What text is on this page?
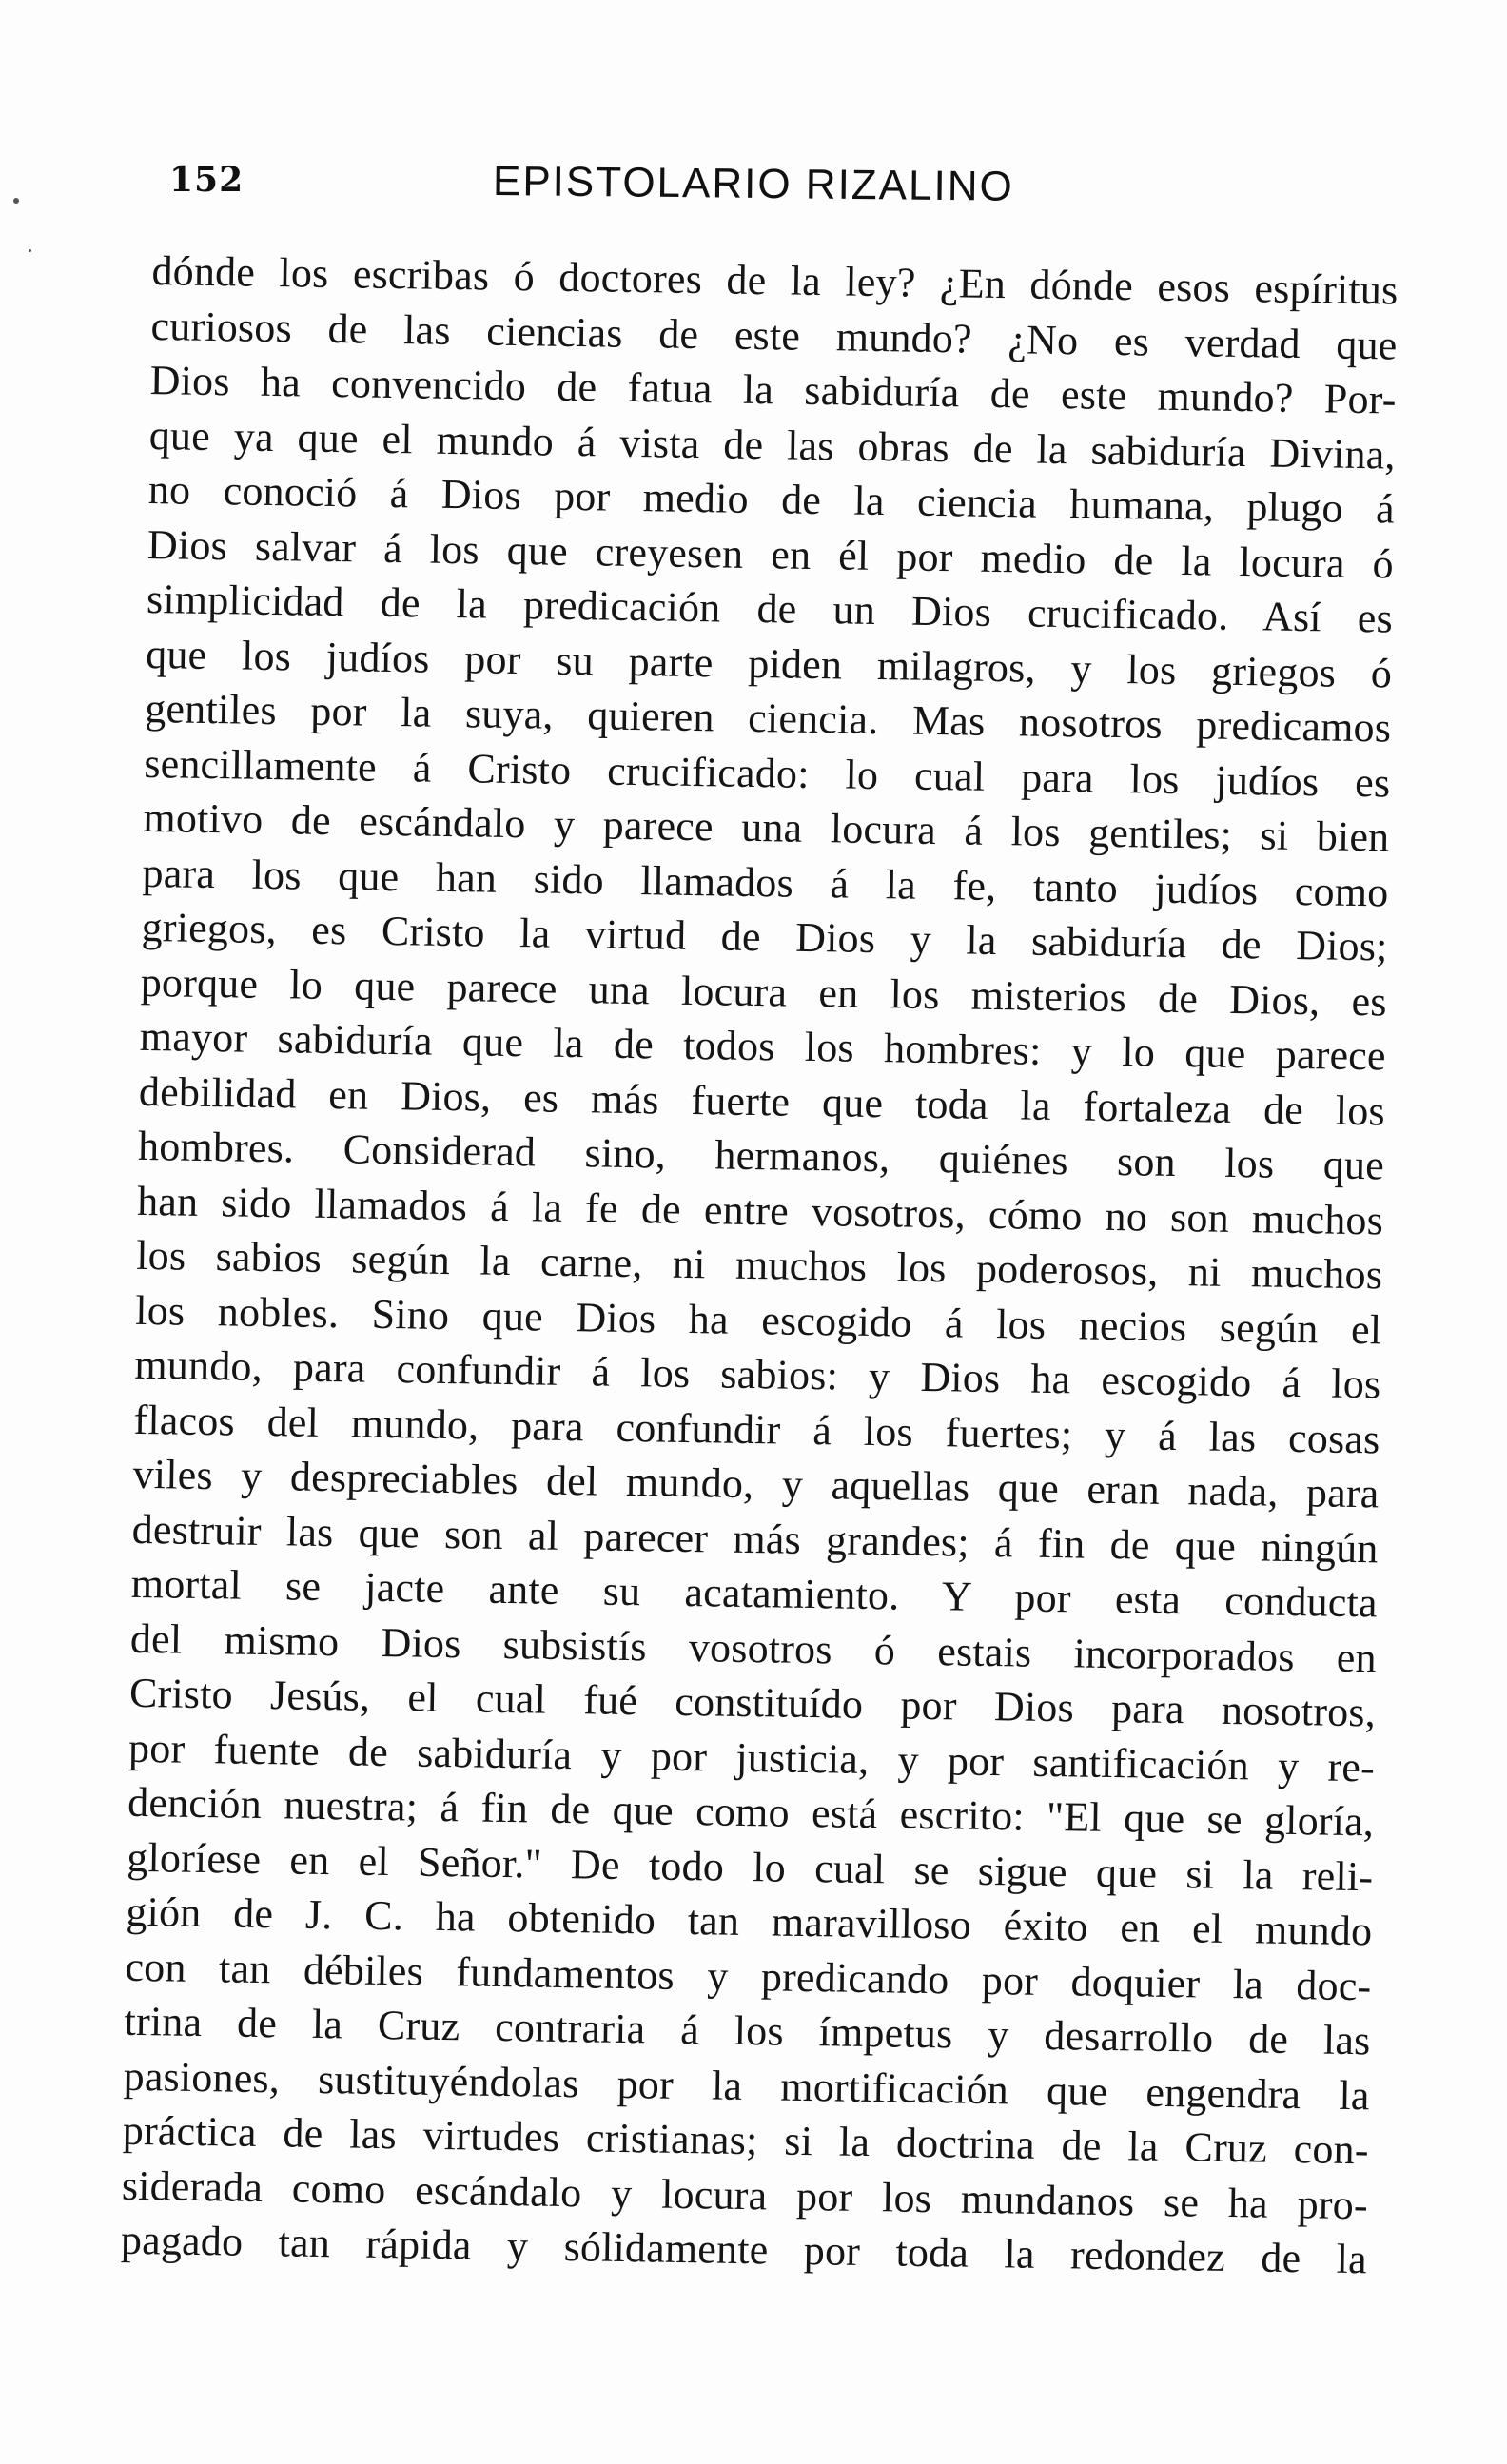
152	EPISTOLARIO RIZALINO
dónde los escribas ó doctores de la ley? ¿En dónde esos espíritus
curiosos de las ciencias de este mundo? ¿No es verdad que
Dios ha convencido de fatua la sabiduría de este mundo? Por-
que ya que el mundo á vista de las obras de la sabiduría Divina,
no conoció á Dios por medio de la ciencia humana, plugo á
Dios salvar á los que creyesen en él por medio de la locura ó
simplicidad de la predicación de un Dios crucificado. Así es
que los judíos por su parte piden milagros, y los griegos ó
gentiles por la suya, quieren ciencia. Mas nosotros predicamos
sencillamente á Cristo crucificado: lo cual para los judíos es
motivo de escándalo y parece una locura á los gentiles; si bien
para los que han sido llamados á la fe, tanto judíos como
griegos, es Cristo la virtud de Dios y la sabiduría de Dios;
porque lo que parece una locura en los misterios de Dios, es
mayor sabiduría que la de todos los hombres: y lo que parece
debilidad en Dios, es más fuerte que toda la fortaleza de los
hombres. Considerad sino, hermanos, quiénes son los que
han sido llamados á la fe de entre vosotros, cómo no son muchos
los sabios según la carne, ni muchos los poderosos, ni muchos
los nobles. Sino que Dios ha escogido á los necios según el
mundo, para confundir á los sabios: y Dios ha escogido á los
flacos del mundo, para confundir á los fuertes; y á las cosas
viles y despreciables del mundo, y aquellas que eran nada, para
destruir las que son al parecer más grandes; á fin de que ningún
mortal se jacte ante su acatamiento. Y por esta conducta
del mismo Dios subsistís vosotros ó estais incorporados en
Cristo Jesús, el cual fué constituído por Dios para nosotros,
por fuente de sabiduría y por justicia, y por santificación y re-
dención nuestra; á fin de que como está escrito: "El que se gloría,
gloríese en el Señor." De todo lo cual se sigue que si la reli-
gión de J. C. ha obtenido tan maravilloso éxito en el mundo
con tan débiles fundamentos y predicando por doquier la doc-
trina de la Cruz contraria á los ímpetus y desarrollo de las
pasiones, sustituyéndolas por la mortificación que engendra la
práctica de las virtudes cristianas; si la doctrina de la Cruz con-
siderada como escándalo y locura por los mundanos se ha pro-
pagado tan rápida y sólidamente por toda la redondez de la
